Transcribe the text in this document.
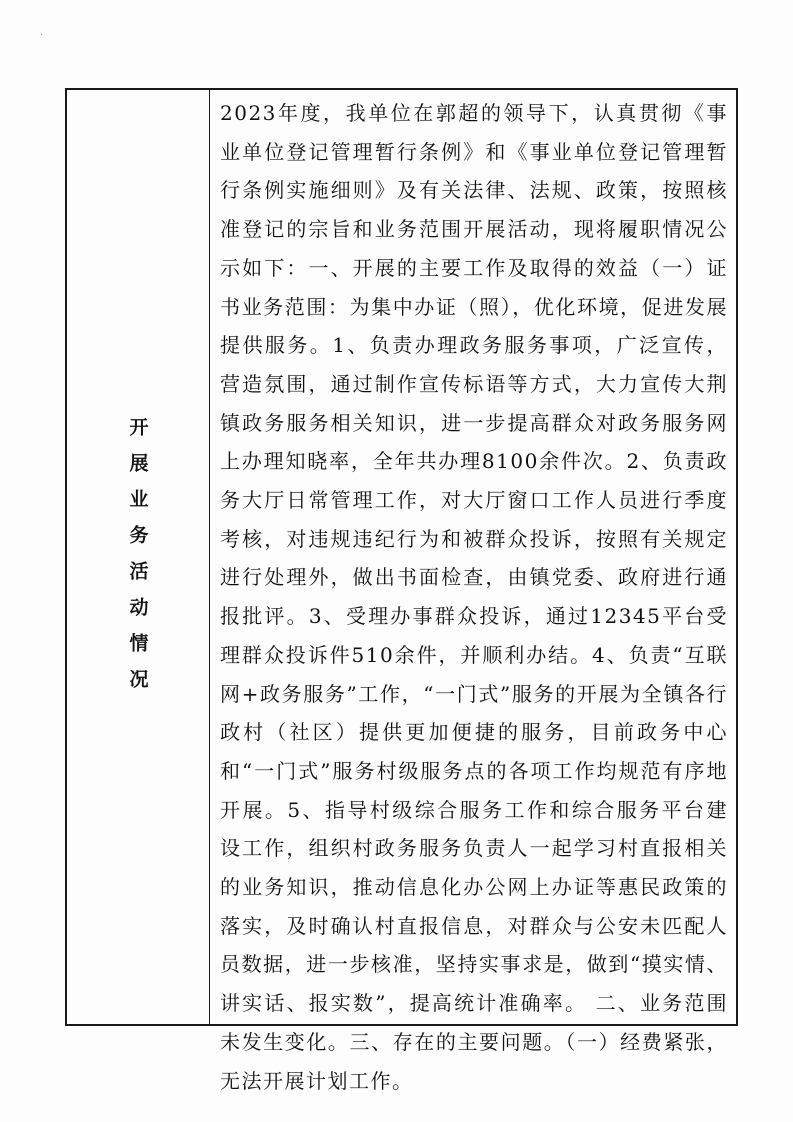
·
开展业务活动情况

2023年度，我单位在郭超的领导下，认真贯彻《事业单位登记管理暂行条例》和《事业单位登记管理暂行条例实施细则》及有关法律、法规、政策，按照核准登记的宗旨和业务范围开展活动，现将履职情况公示如下：一、开展的主要工作及取得的效益（一）证书业务范围：为集中办证（照），优化环境，促进发展提供服务。1、负责办理政务服务事项，广泛宣传，营造氛围，通过制作宣传标语等方式，大力宣传大荆镇政务服务相关知识，进一步提高群众对政务服务网上办理知晓率，全年共办理8100余件次。2、负责政务大厅日常管理工作，对大厅窗口工作人员进行季度考核，对违规违纪行为和被群众投诉，按照有关规定进行处理外，做出书面检查，由镇党委、政府进行通报批评。3、受理办事群众投诉，通过12345平台受理群众投诉件510余件，并顺利办结。4、负责“互联网+政务服务”工作，“一门式”服务的开展为全镇各行政村（社区）提供更加便捷的服务，目前政务中心和“一门式”服务村级服务点的各项工作均规范有序地开展。5、指导村级综合服务工作和综合服务平台建设工作，组织村政务服务负责人一起学习村直报相关的业务知识，推动信息化办公网上办证等惠民政策的落实，及时确认村直报信息，对群众与公安未匹配人员数据，进一步核准，坚持实事求是，做到“摸实情、讲实话、报实数”，提高统计准确率。 二、业务范围未发生变化。三、存在的主要问题。（一）经费紧张，无法开展计划工作。
